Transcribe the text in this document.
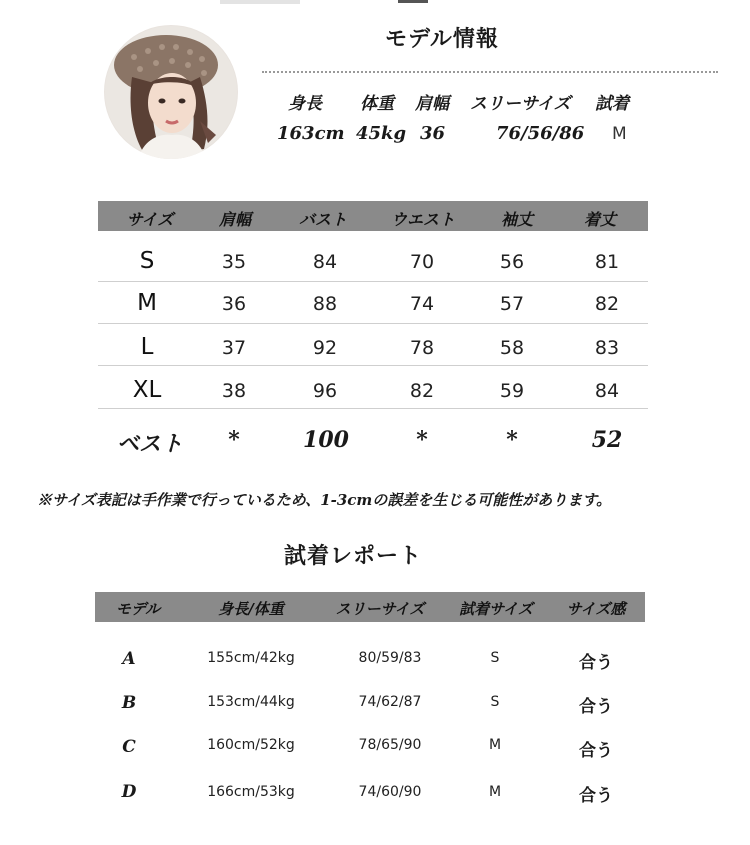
モデル情報
身長 体重 肩幅 スリーサイズ 試着
163cm 45kg 36	76/56/86 M
サイズ	肩幅	バスト	ウエスト	袖丈	着丈
S	35	84	70	56	81
M	36	88	74	57	82
L	37	92	78	58	83
XL	38	96	82	59	84
ベスト *	100	*	*	52
※サイズ表記は手作業で行っているため、1-3cmの誤差を生じる可能性があります。
試着レポート
モデル	身長/体重	スリーサイズ 試着サイズ サイズ感
A	155cm/42kg	80/59/83	S	合う
B	153cm/44kg	74/62/87	S	合う
C	160cm/52kg	78/65/90	M	合う
D	166cm/53kg	74/60/90	M	合う
